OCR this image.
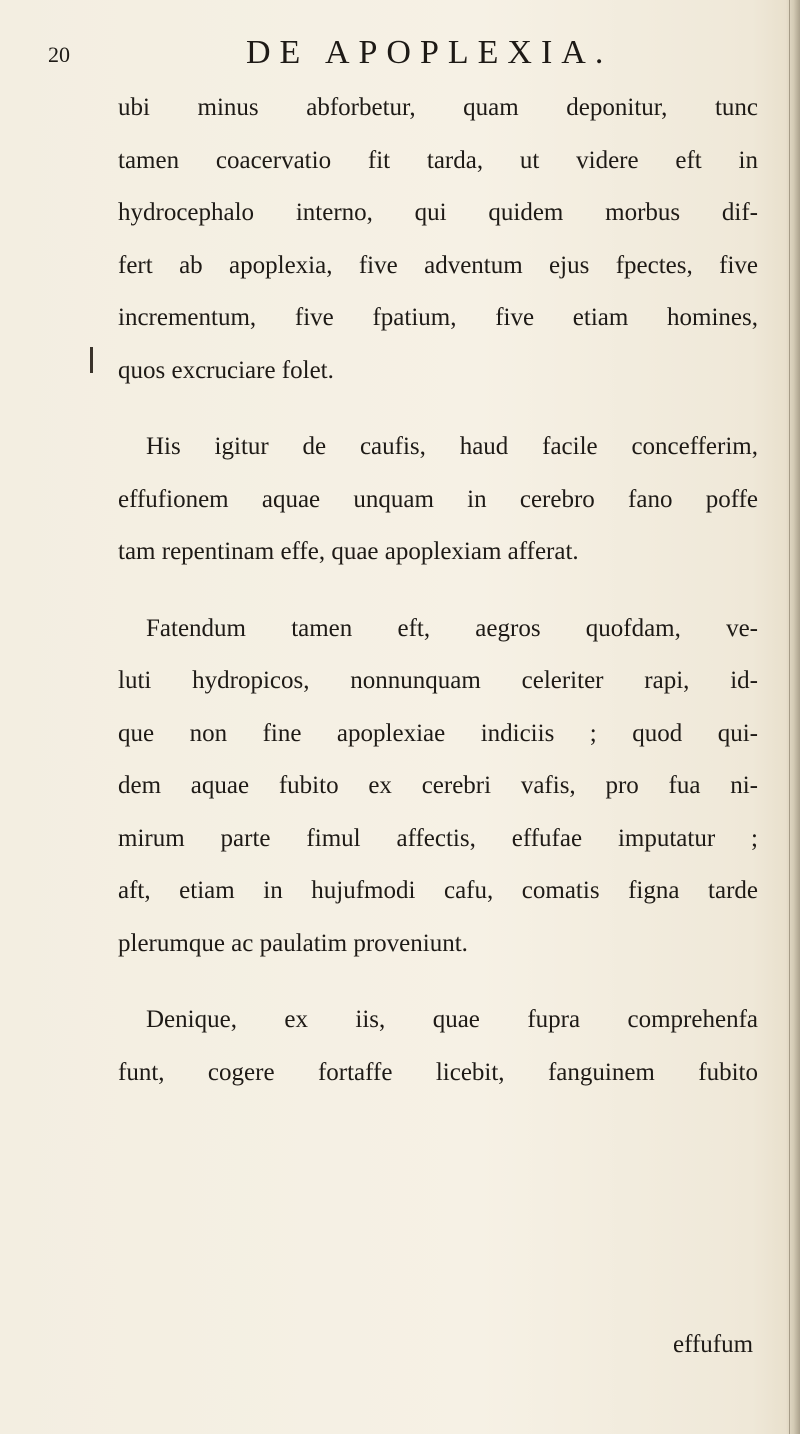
20	DE APOPLEXIA.
ubi minus abforbetur, quam deponitur, tunc
tamen coacervatio fit tarda, ut videre eft in
hydrocephalo interno, qui quidem morbus dif-
fert ab apoplexia, five adventum ejus fpectes, five
incrementum, five fpatium, five etiam homines,
quos excruciare folet.
His igitur de caufis, haud facile concefferim,
effufionem aquae unquam in cerebro fano poffe
tam repentinam effe, quae apoplexiam afferat.
Fatendum tamen eft, aegros quofdam, ve-
luti hydropicos, nonnunquam celeriter rapi, id-
que non fine apoplexiae indiciis ; quod qui-
dem aquae fubito ex cerebri vafis, pro fua ni-
mirum parte fimul affectis, effufae imputatur ;
aft, etiam in hujufmodi cafu, comatis figna tarde
plerumque ac paulatim proveniunt.
Denique, ex iis, quae fupra comprehenfa
funt, cogere fortaffe licebit, fanguinem fubito
effufum
